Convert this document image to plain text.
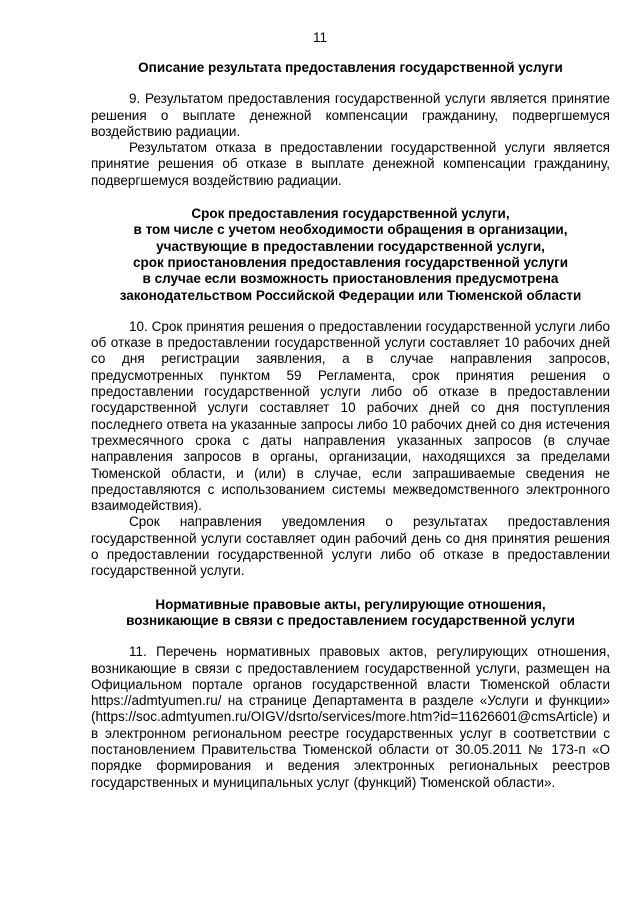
11

Описание результата предоставления государственной услуги

9. Результатом предоставления государственной услуги является принятие решения о выплате денежной компенсации гражданину, подвергшемуся воздействию радиации.

Результатом отказа в предоставлении государственной услуги является принятие решения об отказе в выплате денежной компенсации гражданину, подвергшемуся воздействию радиации.

Срок предоставления государственной услуги,
в том числе с учетом необходимости обращения в организации,
участвующие в предоставлении государственной услуги,
срок приостановления предоставления государственной услуги
в случае если возможность приостановления предусмотрена
законодательством Российской Федерации или Тюменской области

10. Срок принятия решения о предоставлении государственной услуги либо об отказе в предоставлении государственной услуги составляет 10 рабочих дней со дня регистрации заявления, а в случае направления запросов, предусмотренных пунктом 59 Регламента, срок принятия решения о предоставлении государственной услуги либо об отказе в предоставлении государственной услуги составляет 10 рабочих дней со дня поступления последнего ответа на указанные запросы либо 10 рабочих дней со дня истечения трехмесячного срока с даты направления указанных запросов (в случае направления запросов в органы, организации, находящихся за пределами Тюменской области, и (или) в случае, если запрашиваемые сведения не предоставляются с использованием системы межведомственного электронного взаимодействия).

Срок направления уведомления о результатах предоставления государственной услуги составляет один рабочий день со дня принятия решения о предоставлении государственной услуги либо об отказе в предоставлении государственной услуги.

Нормативные правовые акты, регулирующие отношения,
возникающие в связи с предоставлением государственной услуги

11. Перечень нормативных правовых актов, регулирующих отношения, возникающие в связи с предоставлением государственной услуги, размещен на Официальном портале органов государственной власти Тюменской области https://admtyumen.ru/ на странице Департамента в разделе «Услуги и функции» (https://soc.admtyumen.ru/OIGV/dsrto/services/more.htm?id=11626601@cmsArticle) и в электронном региональном реестре государственных услуг в соответствии с постановлением Правительства Тюменской области от 30.05.2011 № 173-п «О порядке формирования и ведения электронных региональных реестров государственных и муниципальных услуг (функций) Тюменской области».
